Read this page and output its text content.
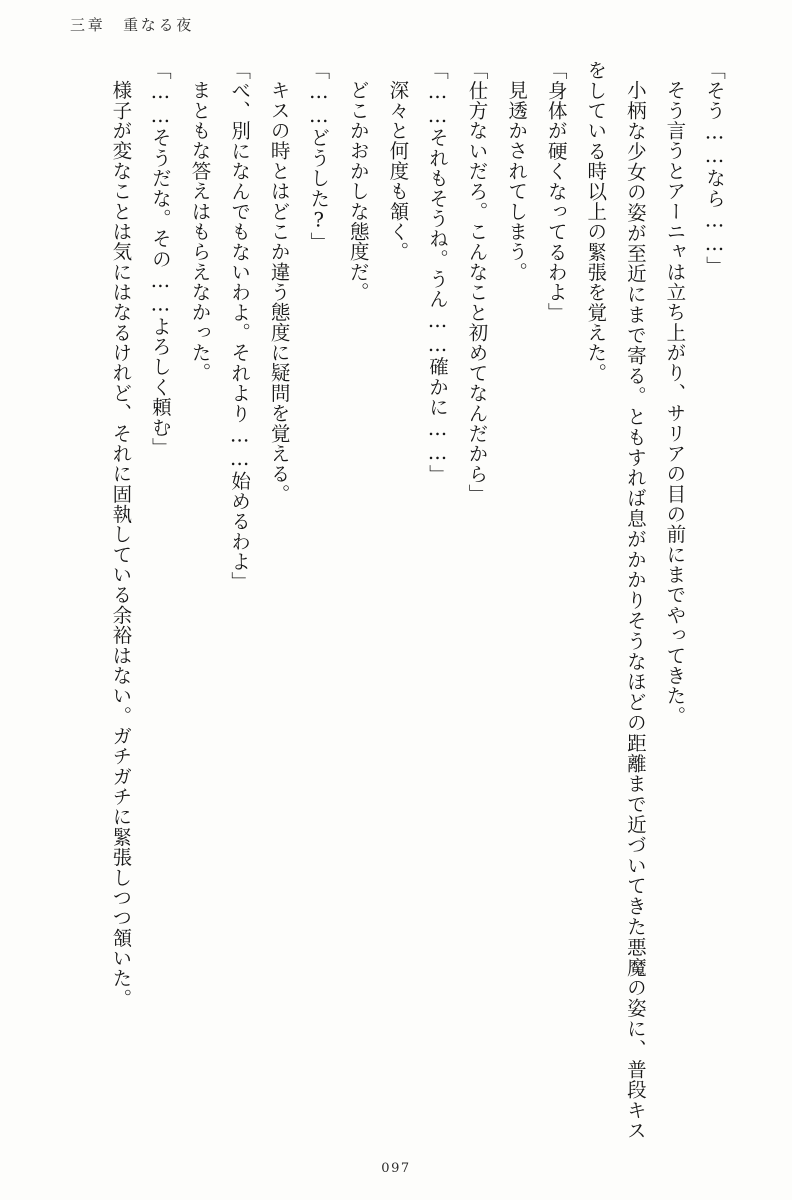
三章　重なる夜

「そう……なら……」

そう言うとアーニャは立ち上がり、サリアの目の前にまでやってきた。

小柄な少女の姿が至近にまで寄る。ともすれば息がかかりそうなほどの距離まで近づいてきた悪魔の姿に、普段キスをしている時以上の緊張を覚えた。

「身体が硬くなってるわよ」

見透かされてしまう。

「仕方ないだろ。こんなこと初めてなんだから」

「……それもそうね。うん……確かに……」

深々と何度も頷く。

どこかおかしな態度だ。

「……どうした?」

キスの時とはどこか違う態度に疑問を覚える。

「べ、別になんでもないわよ。それより……始めるわよ」

まともな答えはもらえなかった。

「……そうだな。その……よろしく頼む」

様子が変なことは気にはなるけれど、それに固執している余裕はない。ガチガチに緊張しつつ頷いた。

097
